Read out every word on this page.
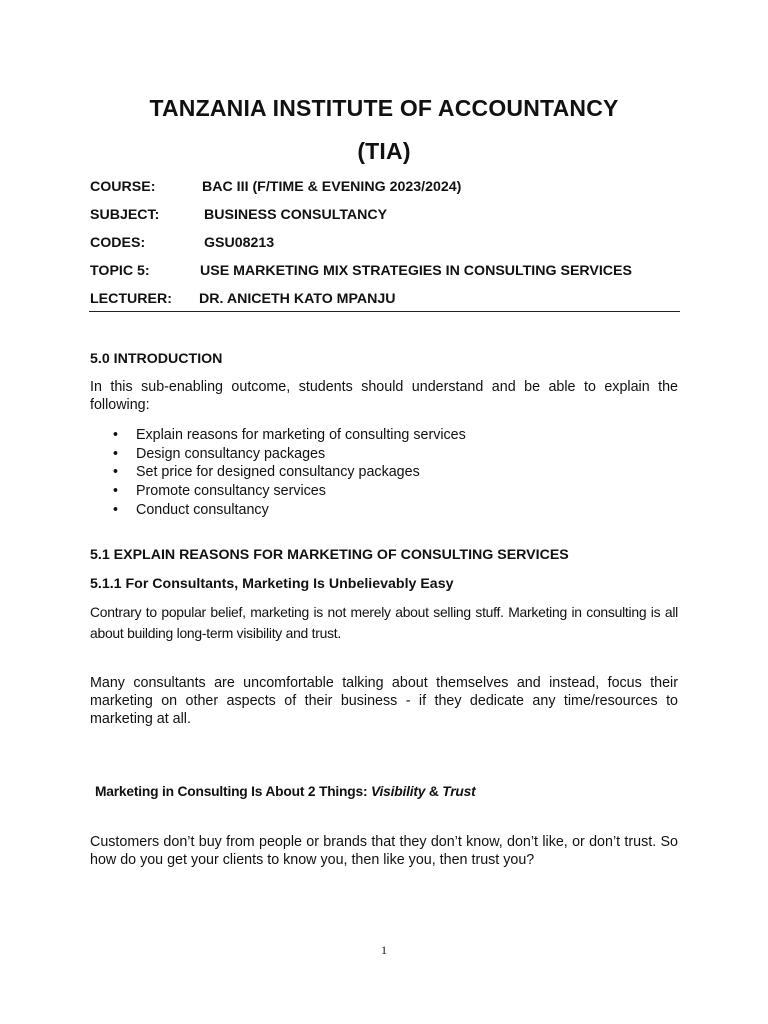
TANZANIA INSTITUTE OF ACCOUNTANCY
(TIA)
COURSE:	BAC III (F/TIME & EVENING 2023/2024)
SUBJECT:	BUSINESS CONSULTANCY
CODES:	GSU08213
TOPIC 5:	USE MARKETING MIX STRATEGIES IN CONSULTING SERVICES
LECTURER: DR. ANICETH KATO MPANJU
5.0 INTRODUCTION
In this sub-enabling outcome, students should understand and be able to explain the following:
• Explain reasons for marketing of consulting services
• Design consultancy packages
• Set price for designed consultancy packages
• Promote consultancy services
• Conduct consultancy
5.1 EXPLAIN REASONS FOR MARKETING OF CONSULTING SERVICES
5.1.1 For Consultants, Marketing Is Unbelievably Easy
Contrary to popular belief, marketing is not merely about selling stuff. Marketing in consulting is all about building long-term visibility and trust.
Many consultants are uncomfortable talking about themselves and instead, focus their marketing on other aspects of their business - if they dedicate any time/resources to marketing at all.
Marketing in Consulting Is About 2 Things: Visibility & Trust
Customers don’t buy from people or brands that they don’t know, don’t like, or don’t trust. So how do you get your clients to know you, then like you, then trust you?
1
